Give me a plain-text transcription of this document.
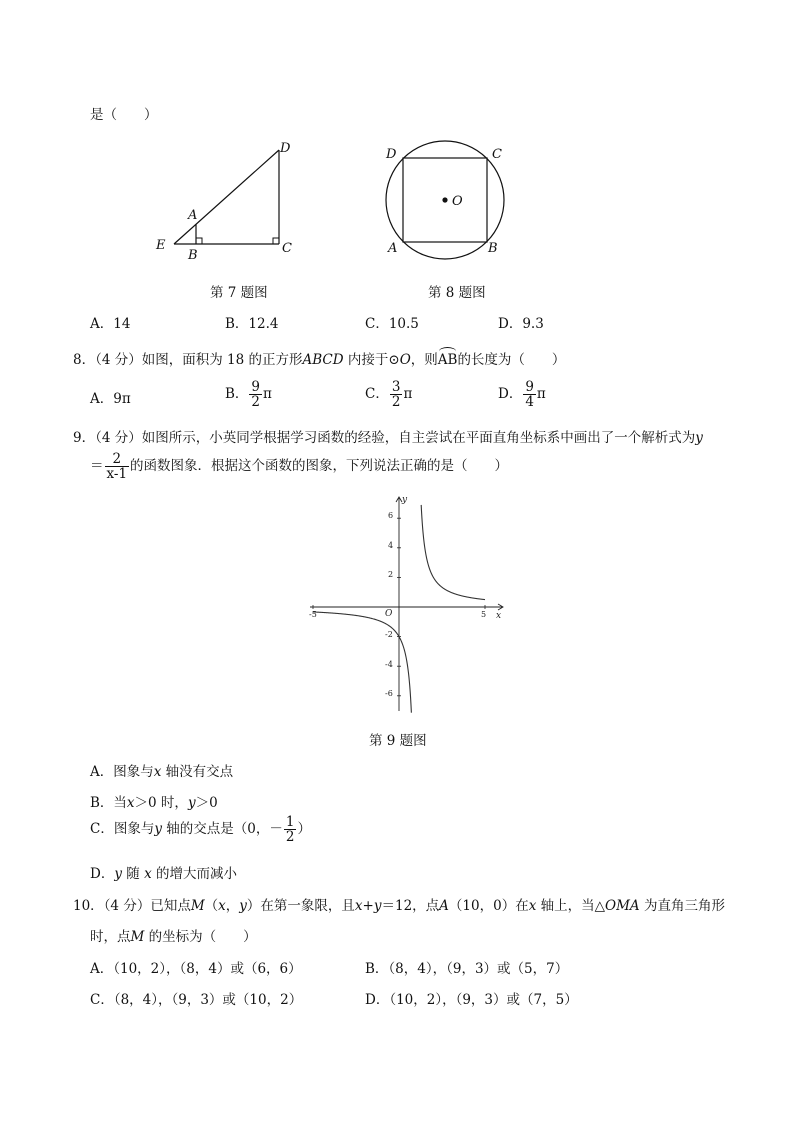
是（　　）
D
A
E
B	C
D	C
O
A	B
第 7 题图	第 8 题图
A．14	B．12.4	C．10.5	D．9.3
8．（4 分）如图，面积为 18 的正方形ABCD 内接于⊙O，则AB的长度为（　　）
A．9π	B． $\frac{9}{2}$ π	C． $\frac{3}{2}$ π	D． $\frac{9}{4}$ π
9．（4 分）如图所示，小英同学根据学习函数的经验，自主尝试在平面直角坐标系中画出了一个解析式为y
＝ $\frac{2}{x-1}$ 的函数图象．根据这个函数的图象，下列说法正确的是（　　）
6
4
2
-2
-4
-6
-5	5
O	x
y
第 9 题图
A．图象与x 轴没有交点
B．当x＞0 时，y＞0
C．图象与y 轴的交点是（0，－ $\frac{1}{2}$ ）
D．y 随 x 的增大而减小
10．（4 分）已知点M（x，y）在第一象限，且x+y＝12，点A（10，0）在x 轴上，当△OMA 为直角三角形
时，点M 的坐标为（　　）
A．（10，2），（8，4）或（6，6）	B．（8，4），（9，3）或（5，7）
C．（8，4），（9，3）或（10，2）	D．（10，2），（9，3）或（7，5）
